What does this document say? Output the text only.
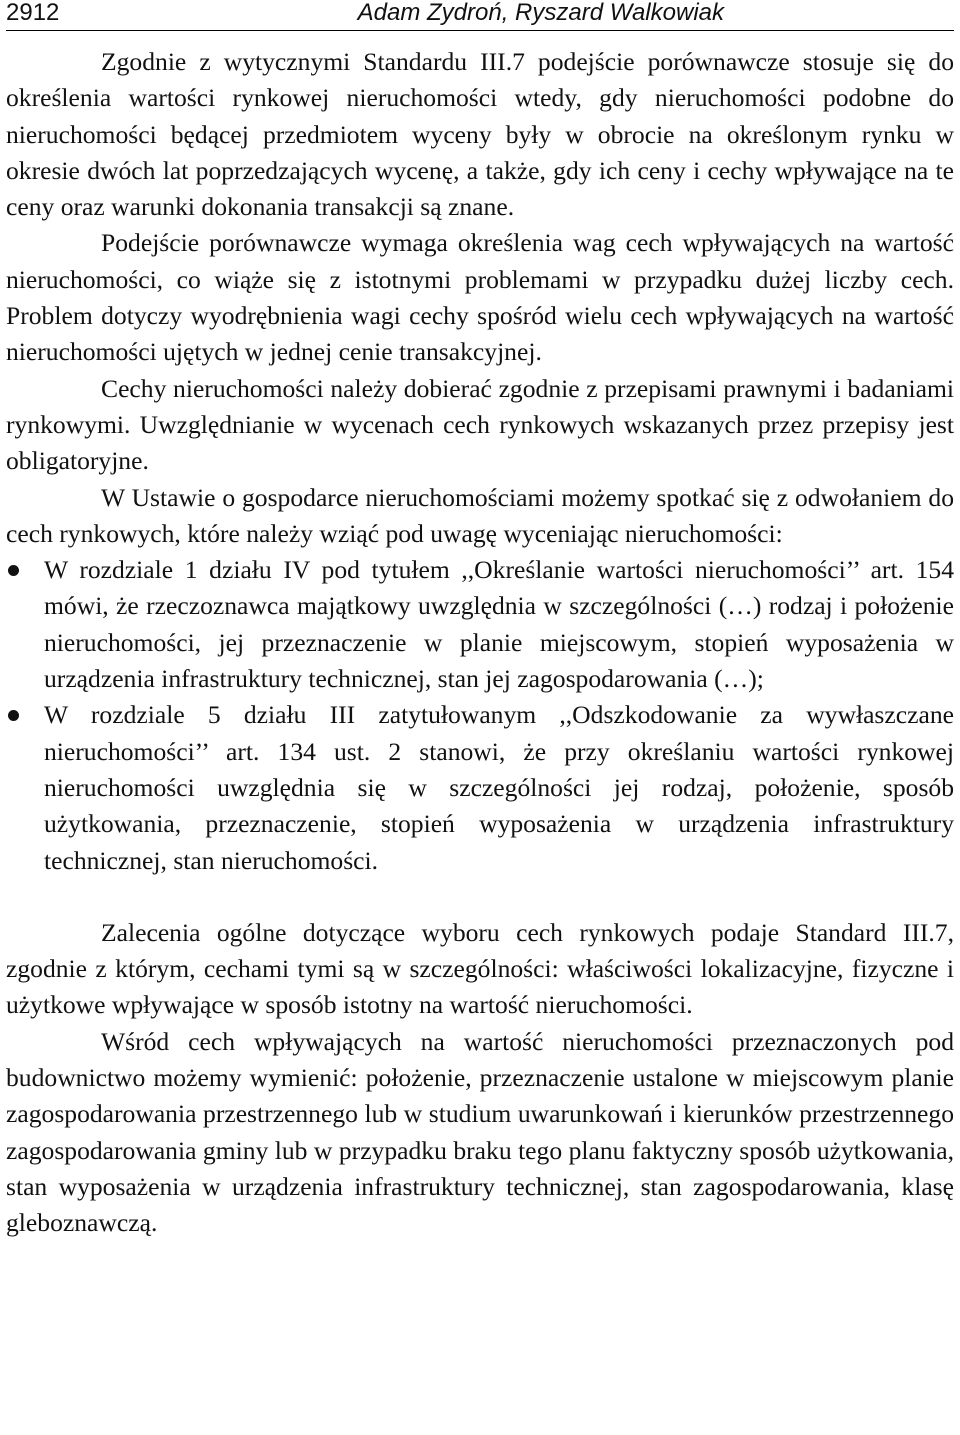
2912	Adam Zydroń, Ryszard Walkowiak

Zgodnie z wytycznymi Standardu III.7 podejście porównawcze stosuje się do określenia wartości rynkowej nieruchomości wtedy, gdy nieruchomości podobne do nieruchomości będącej przedmiotem wyceny były w obrocie na określonym rynku w okresie dwóch lat poprzedzających wycenę, a także, gdy ich ceny i cechy wpływające na te ceny oraz warunki dokonania transakcji są znane.

Podejście porównawcze wymaga określenia wag cech wpływających na wartość nieruchomości, co wiąże się z istotnymi problemami w przypadku dużej liczby cech. Problem dotyczy wyodrębnienia wagi cechy spośród wielu cech wpływających na wartość nieruchomości ujętych w jednej cenie transakcyjnej.

Cechy nieruchomości należy dobierać zgodnie z przepisami prawnymi i badaniami rynkowymi. Uwzględnianie w wycenach cech rynkowych wskazanych przez przepisy jest obligatoryjne.

W Ustawie o gospodarce nieruchomościami możemy spotkać się z odwołaniem do cech rynkowych, które należy wziąć pod uwagę wyceniając nieruchomości:

W rozdziale 1 działu IV pod tytułem ,,Określanie wartości nieruchomości’’ art. 154 mówi, że rzeczoznawca majątkowy uwzględnia w szczególności (…) rodzaj i położenie nieruchomości, jej przeznaczenie w planie miejscowym, stopień wyposażenia w urządzenia infrastruktury technicznej, stan jej zagospodarowania (…);
W rozdziale 5 działu III zatytułowanym ,,Odszkodowanie za wywłaszczane nieruchomości’’ art. 134 ust. 2 stanowi, że przy określaniu wartości rynkowej nieruchomości uwzględnia się w szczególności jej rodzaj, położenie, sposób użytkowania, przeznaczenie, stopień wyposażenia w urządzenia infrastruktury technicznej, stan nieruchomości.

Zalecenia ogólne dotyczące wyboru cech rynkowych podaje Standard III.7, zgodnie z którym, cechami tymi są w szczególności: właściwości lokalizacyjne, fizyczne i użytkowe wpływające w sposób istotny na wartość nieruchomości.

Wśród cech wpływających na wartość nieruchomości przeznaczonych pod budownictwo możemy wymienić: położenie, przeznaczenie ustalone w miejscowym planie zagospodarowania przestrzennego lub w studium uwarunkowań i kierunków przestrzennego zagospodarowania gminy lub w przypadku braku tego planu faktyczny sposób użytkowania, stan wyposażenia w urządzenia infrastruktury technicznej, stan zagospodarowania, klasę gleboznawczą.
